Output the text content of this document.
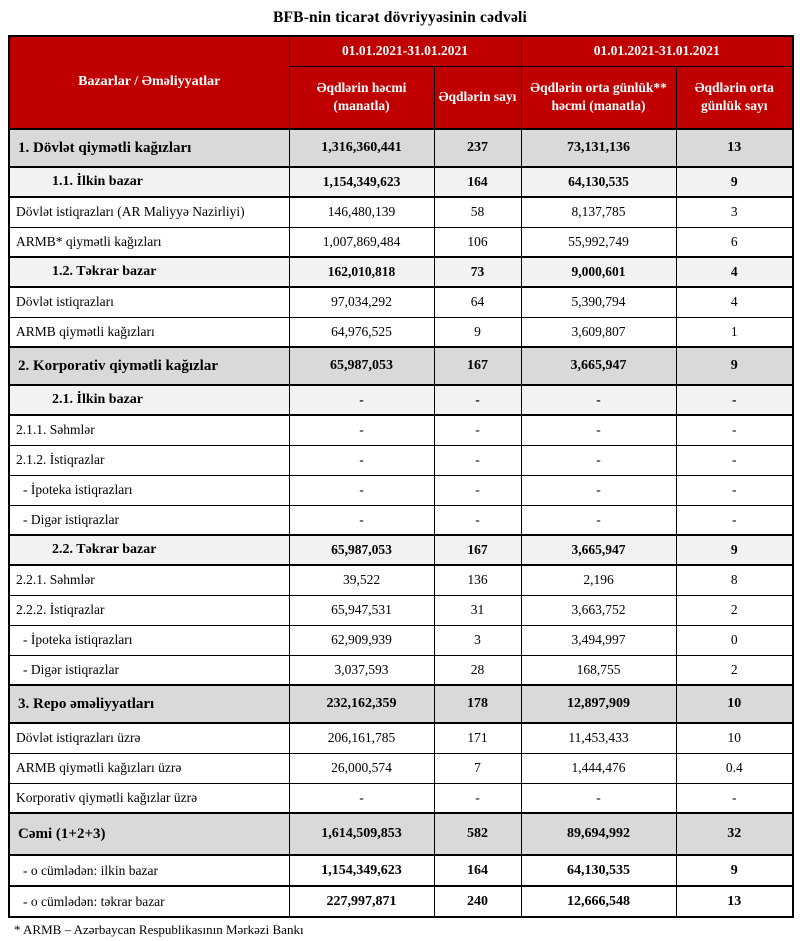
BFB-nin ticarət dövriyyəsinin cədvəli
Bazarlar / Əməliyyatlar	01.01.2021-31.01.2021		01.01.2021-31.01.2021	
	Əqdlərin həcmi (manatla)	Əqdlərin sayı	Əqdlərin orta günlük** həcmi (manatla)	Əqdlərin orta günlük sayı
1. Dövlət qiymətli kağızları	1,316,360,441	237	73,131,136	13
1.1. İlkin bazar	1,154,349,623	164	64,130,535	9
Dövlət istiqrazları (AR Maliyyə Nazirliyi)	146,480,139	58	8,137,785	3
ARMB* qiymətli kağızları	1,007,869,484	106	55,992,749	6
1.2. Təkrar bazar	162,010,818	73	9,000,601	4
Dövlət istiqrazları	97,034,292	64	5,390,794	4
ARMB qiymətli kağızları	64,976,525	9	3,609,807	1
2. Korporativ qiymətli kağızlar	65,987,053	167	3,665,947	9
2.1. İlkin bazar	-	-	-	-
2.1.1. Səhmlər	-	-	-	-
2.1.2. İstiqrazlar	-	-	-	-
- İpoteka istiqrazları	-	-	-	-
- Digər istiqrazlar	-	-	-	-
2.2. Təkrar bazar	65,987,053	167	3,665,947	9
2.2.1. Səhmlər	39,522	136	2,196	8
2.2.2. İstiqrazlar	65,947,531	31	3,663,752	2
- İpoteka istiqrazları	62,909,939	3	3,494,997	0
- Digər istiqrazlar	3,037,593	28	168,755	2
3. Repo əməliyyatları	232,162,359	178	12,897,909	10
Dövlət istiqrazları üzrə	206,161,785	171	11,453,433	10
ARMB qiymətli kağızları üzrə	26,000,574	7	1,444,476	0.4
Korporativ qiymətli kağızlar üzrə	-	-	-	-
Cəmi (1+2+3)	1,614,509,853	582	89,694,992	32
- o cümlədən: ilkin bazar	1,154,349,623	164	64,130,535	9
- o cümlədən: təkrar bazar	227,997,871	240	12,666,548	13
* ARMB – Azərbaycan Respublikasının Mərkəzi Bankı
